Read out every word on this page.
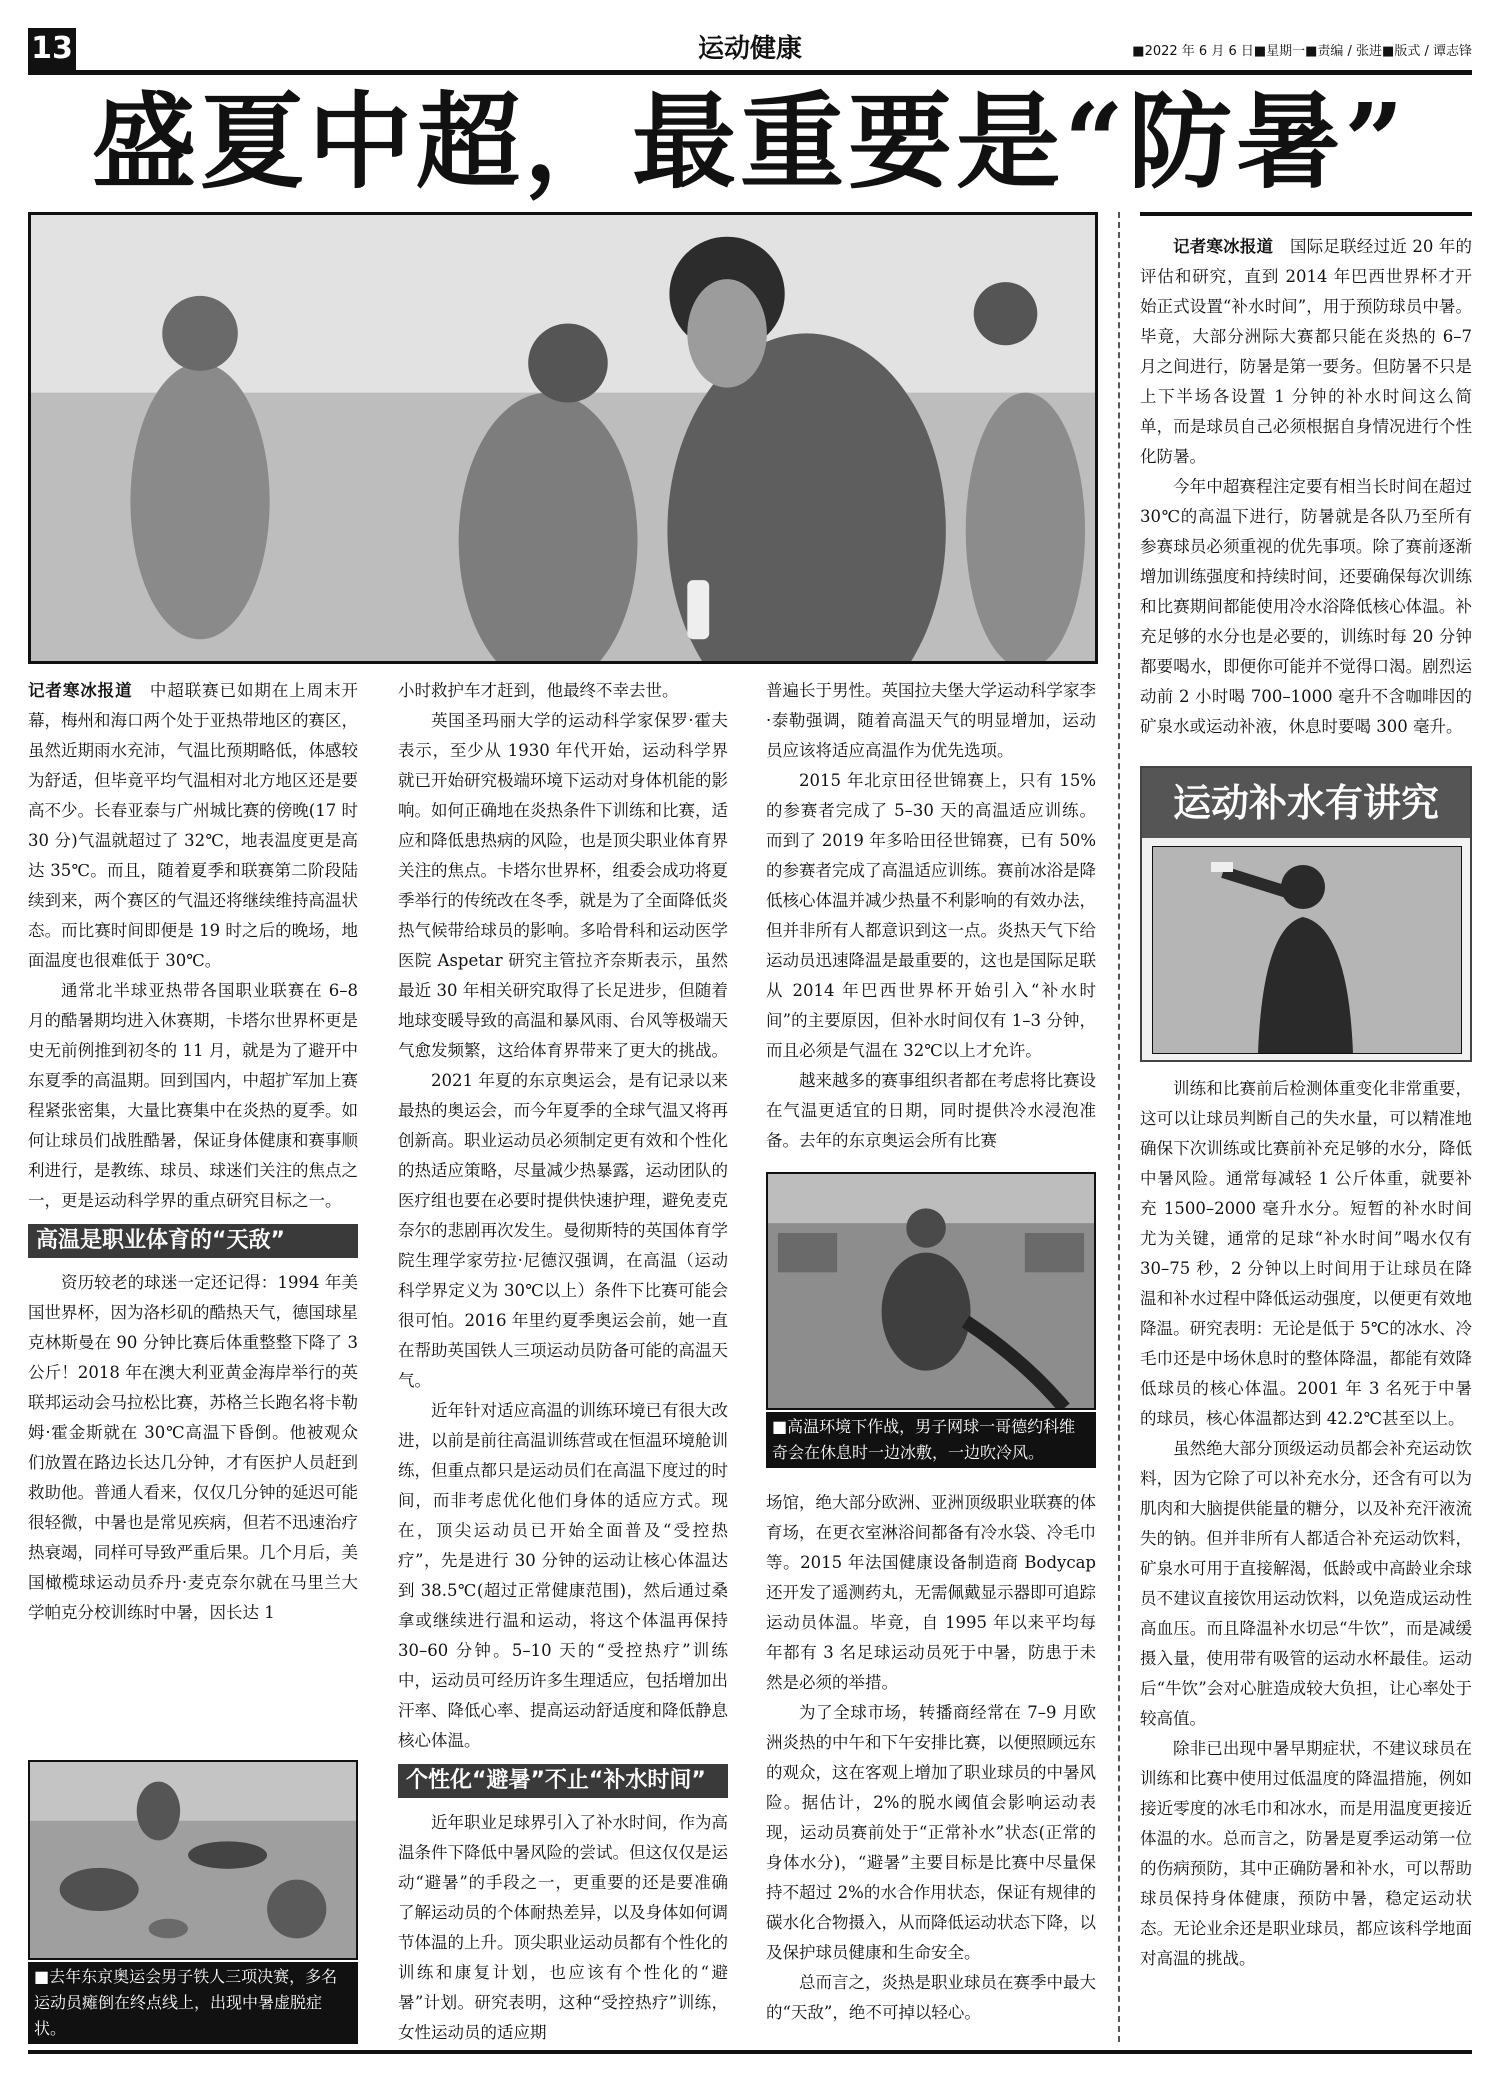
13	运动健康	■2022 年 6 月 6 日■星期一■责编 / 张进■版式 / 谭志锋
盛夏中超，最重要是“防暑”

记者寒冰报道　 中超联赛已如期在上周末开幕，梅州和海口两个处于亚热带地区的赛区，虽然近期雨水充沛，气温比预期略低，体感较为舒适，但毕竟平均气温相对北方地区还是要高不少。长春亚泰与广州城比赛的傍晚(17 时 30 分)气温就超过了 32℃，地表温度更是高达 35℃。而且，随着夏季和联赛第二阶段陆续到来，两个赛区的气温还将继续维持高温状态。而比赛时间即便是 19 时之后的晚场，地面温度也很难低于 30℃。

通常北半球亚热带各国职业联赛在 6–8 月的酷暑期均进入休赛期，卡塔尔世界杯更是史无前例推到初冬的 11 月，就是为了避开中东夏季的高温期。回到国内，中超扩军加上赛程紧张密集，大量比赛集中在炎热的夏季。如何让球员们战胜酷暑，保证身体健康和赛事顺利进行，是教练、球员、球迷们关注的焦点之一，更是运动科学界的重点研究目标之一。

高温是职业体育的“天敌”

资历较老的球迷一定还记得：1994 年美国世界杯，因为洛杉矶的酷热天气，德国球星克林斯曼在 90 分钟比赛后体重整整下降了 3 公斤！2018 年在澳大利亚黄金海岸举行的英联邦运动会马拉松比赛，苏格兰长跑名将卡勒姆·霍金斯就在 30℃高温下昏倒。他被观众们放置在路边长达几分钟，才有医护人员赶到救助他。普通人看来，仅仅几分钟的延迟可能很轻微，中暑也是常见疾病，但若不迅速治疗热衰竭，同样可导致严重后果。几个月后，美国橄榄球运动员乔丹·麦克奈尔就在马里兰大学帕克分校训练时中暑，因长达 1

■去年东京奥运会男子铁人三项决赛，多名运动员瘫倒在终点线上，出现中暑虚脱症状。

小时救护车才赶到，他最终不幸去世。

英国圣玛丽大学的运动科学家保罗·霍夫表示，至少从 1930 年代开始，运动科学界就已开始研究极端环境下运动对身体机能的影响。如何正确地在炎热条件下训练和比赛，适应和降低患热病的风险，也是顶尖职业体育界关注的焦点。卡塔尔世界杯，组委会成功将夏季举行的传统改在冬季，就是为了全面降低炎热气候带给球员的影响。多哈骨科和运动医学医院 Aspetar 研究主管拉齐奈斯表示，虽然最近 30 年相关研究取得了长足进步，但随着地球变暖导致的高温和暴风雨、台风等极端天气愈发频繁，这给体育界带来了更大的挑战。

2021 年夏的东京奥运会，是有记录以来最热的奥运会，而今年夏季的全球气温又将再创新高。职业运动员必须制定更有效和个性化的热适应策略，尽量减少热暴露，运动团队的医疗组也要在必要时提供快速护理，避免麦克奈尔的悲剧再次发生。曼彻斯特的英国体育学院生理学家劳拉·尼德汉强调，在高温（运动科学界定义为 30℃以上）条件下比赛可能会很可怕。2016 年里约夏季奥运会前，她一直在帮助英国铁人三项运动员防备可能的高温天气。

近年针对适应高温的训练环境已有很大改进，以前是前往高温训练营或在恒温环境舱训练，但重点都只是运动员们在高温下度过的时间，而非考虑优化他们身体的适应方式。现在，顶尖运动员已开始全面普及“受控热疗”，先是进行 30 分钟的运动让核心体温达到 38.5℃(超过正常健康范围)，然后通过桑拿或继续进行温和运动，将这个体温再保持 30–60 分钟。5–10 天的“受控热疗”训练中，运动员可经历许多生理适应，包括增加出汗率、降低心率、提高运动舒适度和降低静息核心体温。

个性化“避暑”不止“补水时间”

近年职业足球界引入了补水时间，作为高温条件下降低中暑风险的尝试。但这仅仅是运动“避暑”的手段之一，更重要的还是要准确了解运动员的个体耐热差异，以及身体如何调节体温的上升。顶尖职业运动员都有个性化的训练和康复计划，也应该有个性化的“避暑”计划。研究表明，这种“受控热疗”训练，女性运动员的适应期

普遍长于男性。英国拉夫堡大学运动科学家李·泰勒强调，随着高温天气的明显增加，运动员应该将适应高温作为优先选项。

2015 年北京田径世锦赛上，只有 15% 的参赛者完成了 5–30 天的高温适应训练。而到了 2019 年多哈田径世锦赛，已有 50%的参赛者完成了高温适应训练。赛前冰浴是降低核心体温并减少热量不利影响的有效办法，但并非所有人都意识到这一点。炎热天气下给运动员迅速降温是最重要的，这也是国际足联从 2014 年巴西世界杯开始引入“补水时间”的主要原因，但补水时间仅有 1–3 分钟，而且必须是气温在 32℃以上才允许。

越来越多的赛事组织者都在考虑将比赛设在气温更适宜的日期，同时提供冷水浸泡准备。去年的东京奥运会所有比赛

■高温环境下作战，男子网球一哥德约科维奇会在休息时一边冰敷，一边吹冷风。

场馆，绝大部分欧洲、亚洲顶级职业联赛的体育场，在更衣室淋浴间都备有冷水袋、冷毛巾等。2015 年法国健康设备制造商 Bodycap 还开发了遥测药丸，无需佩戴显示器即可追踪运动员体温。毕竟，自 1995 年以来平均每年都有 3 名足球运动员死于中暑，防患于未然是必须的举措。

为了全球市场，转播商经常在 7–9 月欧洲炎热的中午和下午安排比赛，以便照顾远东的观众，这在客观上增加了职业球员的中暑风险。据估计，2%的脱水阈值会影响运动表现，运动员赛前处于“正常补水”状态(正常的身体水分)，“避暑”主要目标是比赛中尽量保持不超过 2%的水合作用状态，保证有规律的碳水化合物摄入，从而降低运动状态下降，以及保护球员健康和生命安全。

总而言之，炎热是职业球员在赛季中最大的“天敌”，绝不可掉以轻心。

记者寒冰报道　 国际足联经过近 20 年的评估和研究，直到 2014 年巴西世界杯才开始正式设置“补水时间”，用于预防球员中暑。毕竟，大部分洲际大赛都只能在炎热的 6–7 月之间进行，防暑是第一要务。但防暑不只是上下半场各设置 1 分钟的补水时间这么简单，而是球员自己必须根据自身情况进行个性化防暑。

今年中超赛程注定要有相当长时间在超过 30℃的高温下进行，防暑就是各队乃至所有参赛球员必须重视的优先事项。除了赛前逐渐增加训练强度和持续时间，还要确保每次训练和比赛期间都能使用冷水浴降低核心体温。补充足够的水分也是必要的，训练时每 20 分钟都要喝水，即便你可能并不觉得口渴。剧烈运动前 2 小时喝 700–1000 毫升不含咖啡因的矿泉水或运动补液，休息时要喝 300 毫升。

运动补水有讲究

训练和比赛前后检测体重变化非常重要，这可以让球员判断自己的失水量，可以精准地确保下次训练或比赛前补充足够的水分，降低中暑风险。通常每减轻 1 公斤体重，就要补充 1500–2000 毫升水分。短暂的补水时间尤为关键，通常的足球“补水时间”喝水仅有 30–75 秒，2 分钟以上时间用于让球员在降温和补水过程中降低运动强度，以便更有效地降温。研究表明：无论是低于 5℃的冰水、冷毛巾还是中场休息时的整体降温，都能有效降低球员的核心体温。2001 年 3 名死于中暑的球员，核心体温都达到 42.2℃甚至以上。

虽然绝大部分顶级运动员都会补充运动饮料，因为它除了可以补充水分，还含有可以为肌肉和大脑提供能量的糖分，以及补充汗液流失的钠。但并非所有人都适合补充运动饮料，矿泉水可用于直接解渴，低龄或中高龄业余球员不建议直接饮用运动饮料，以免造成运动性高血压。而且降温补水切忌“牛饮”，而是减缓摄入量，使用带有吸管的运动水杯最佳。运动后“牛饮”会对心脏造成较大负担，让心率处于较高值。

除非已出现中暑早期症状，不建议球员在训练和比赛中使用过低温度的降温措施，例如接近零度的冰毛巾和冰水，而是用温度更接近体温的水。总而言之，防暑是夏季运动第一位的伤病预防，其中正确防暑和补水，可以帮助球员保持身体健康，预防中暑，稳定运动状态。无论业余还是职业球员，都应该科学地面对高温的挑战。
